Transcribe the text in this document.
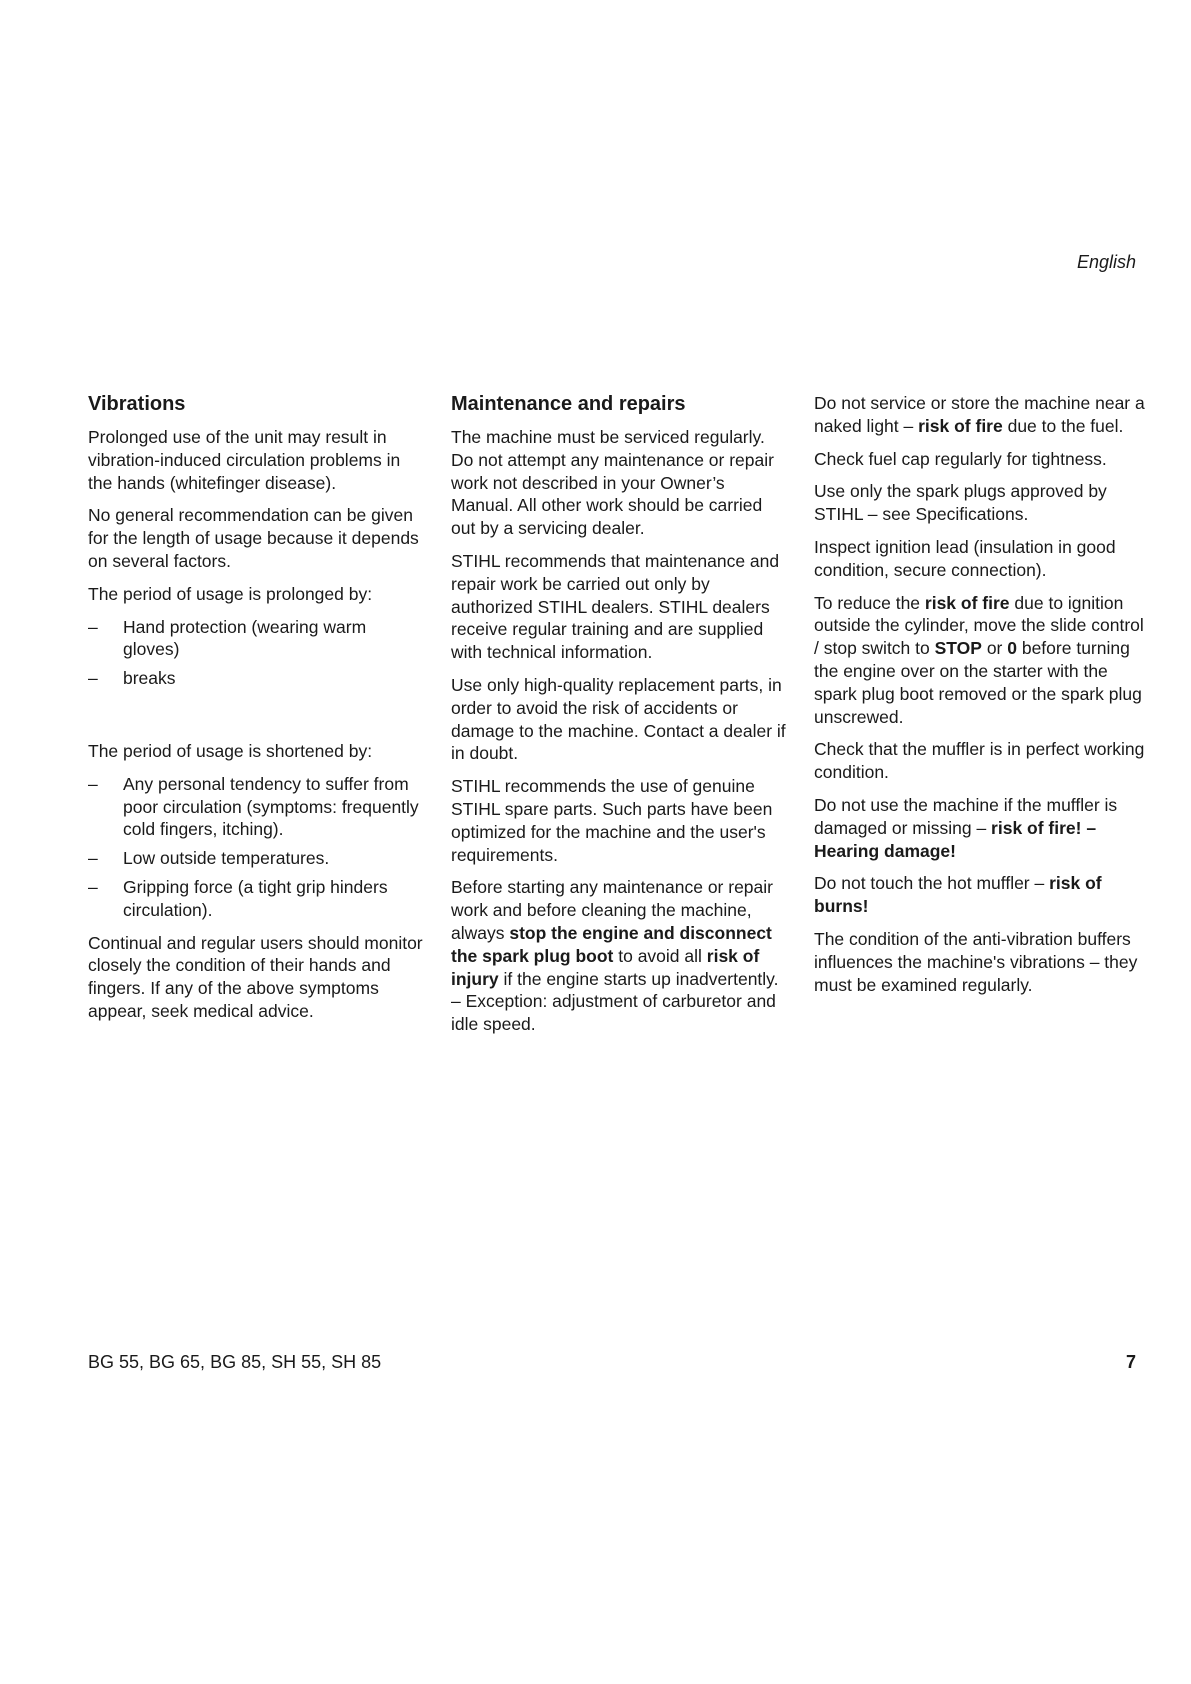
English
Vibrations

Prolonged use of the unit may result in vibration-induced circulation problems in the hands (whitefinger disease).

No general recommendation can be given for the length of usage because it depends on several factors.

The period of usage is prolonged by:

– Hand protection (wearing warm gloves)
– breaks

The period of usage is shortened by:

– Any personal tendency to suffer from poor circulation (symptoms: frequently cold fingers, itching).
– Low outside temperatures.
– Gripping force (a tight grip hinders circulation).

Continual and regular users should monitor closely the condition of their hands and fingers. If any of the above symptoms appear, seek medical advice.

Maintenance and repairs

The machine must be serviced regularly. Do not attempt any maintenance or repair work not described in your Owner’s Manual. All other work should be carried out by a servicing dealer.

STIHL recommends that maintenance and repair work be carried out only by authorized STIHL dealers. STIHL dealers receive regular training and are supplied with technical information.

Use only high-quality replacement parts, in order to avoid the risk of accidents or damage to the machine. Contact a dealer if in doubt.

STIHL recommends the use of genuine STIHL spare parts. Such parts have been optimized for the machine and the user's requirements.

Before starting any maintenance or repair work and before cleaning the machine, always stop the engine and disconnect the spark plug boot to avoid all risk of injury if the engine starts up inadvertently. – Exception: adjustment of carburetor and idle speed.

Do not service or store the machine near a naked light – risk of fire due to the fuel.

Check fuel cap regularly for tightness.

Use only the spark plugs approved by STIHL – see Specifications.

Inspect ignition lead (insulation in good condition, secure connection).

To reduce the risk of fire due to ignition outside the cylinder, move the slide control / stop switch to STOP or 0 before turning the engine over on the starter with the spark plug boot removed or the spark plug unscrewed.

Check that the muffler is in perfect working condition.

Do not use the machine if the muffler is damaged or missing – risk of fire! – Hearing damage!

Do not touch the hot muffler – risk of burns!

The condition of the anti-vibration buffers influences the machine's vibrations – they must be examined regularly.

BG 55, BG 65, BG 85, SH 55, SH 85	7
